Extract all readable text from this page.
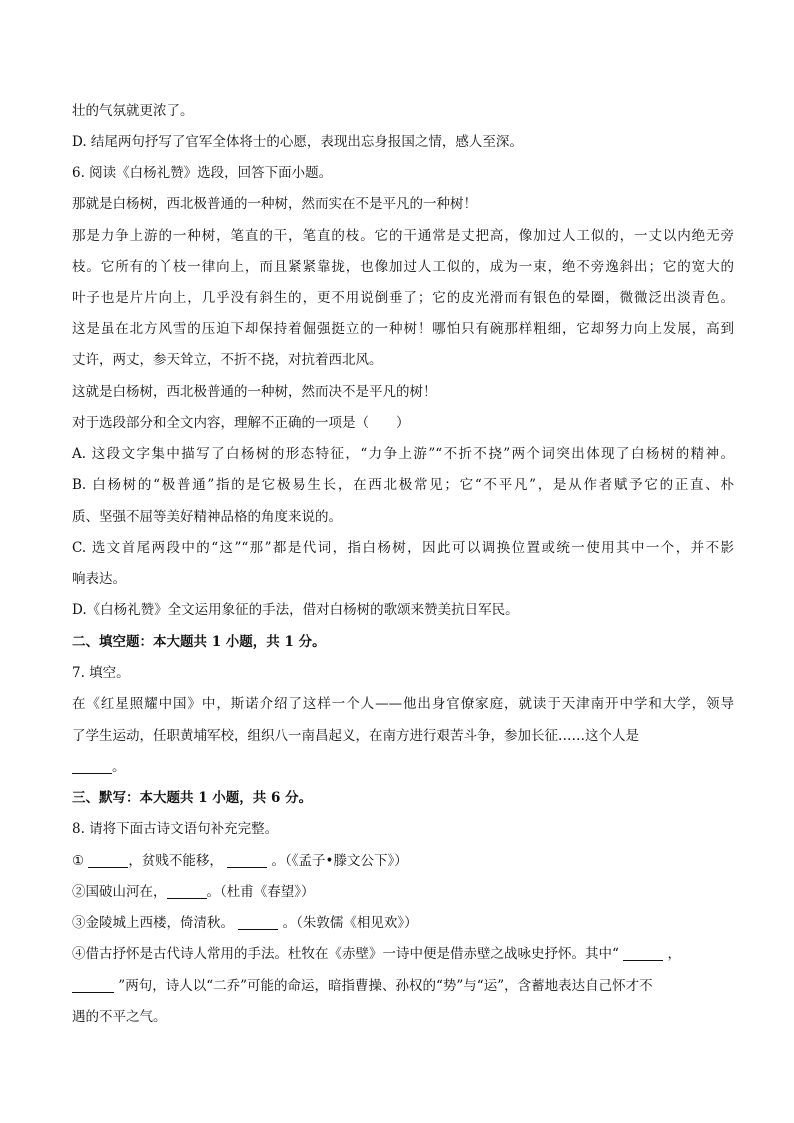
壮的气氛就更浓了。
D. 结尾两句抒写了官军全体将士的心愿，表现出忘身报国之情，感人至深。
6. 阅读《白杨礼赞》选段，回答下面小题。
那就是白杨树，西北极普通的一种树，然而实在不是平凡的一种树！
那是力争上游的一种树，笔直的干，笔直的枝。它的干通常是丈把高，像加过人工似的，一丈以内绝无旁
枝。它所有的丫枝一律向上，而且紧紧靠拢，也像加过人工似的，成为一束，绝不旁逸斜出；它的宽大的
叶子也是片片向上，几乎没有斜生的，更不用说倒垂了；它的皮光滑而有银色的晕圈，微微泛出淡青色。
这是虽在北方风雪的压迫下却保持着倔强挺立的一种树！哪怕只有碗那样粗细，它却努力向上发展，高到
丈许，两丈，参天耸立，不折不挠，对抗着西北风。
这就是白杨树，西北极普通的一种树，然而决不是平凡的树！
对于选段部分和全文内容，理解不正确的一项是（　　）
A. 这段文字集中描写了白杨树的形态特征，“力争上游”“不折不挠”两个词突出体现了白杨树的精神。
B. 白杨树的“极普通”指的是它极易生长，在西北极常见；它“不平凡”，是从作者赋予它的正直、朴
质、坚强不屈等美好精神品格的角度来说的。
C. 选文首尾两段中的“这”“那”都是代词，指白杨树，因此可以调换位置或统一使用其中一个，并不影
响表达。
D.《白杨礼赞》全文运用象征的手法，借对白杨树的歌颂来赞美抗日军民。
二、填空题：本大题共 1 小题，共 1 分。
7. 填空。
在《红星照耀中国》中，斯诺介绍了这样一个人——他出身官僚家庭，就读于天津南开中学和大学，领导
了学生运动，任职黄埔军校，组织八一南昌起义，在南方进行艰苦斗争，参加长征……这个人是
。
三、默写：本大题共 1 小题，共 6 分。
8. 请将下面古诗文语句补充完整。
①	，贫贱不能移，	。（《孟子•滕文公下》）
②国破山河在，	。（杜甫《春望》）
③金陵城上西楼，倚清秋。	。（朱敦儒《相见欢》）
④借古抒怀是古代诗人常用的手法。杜牧在《赤壁》一诗中便是借赤壁之战咏史抒怀。其中“	，
”两句，诗人以“二乔”可能的命运，暗指曹操、孙权的“势”与“运”，含蓄地表达自己怀才不
遇的不平之气。
